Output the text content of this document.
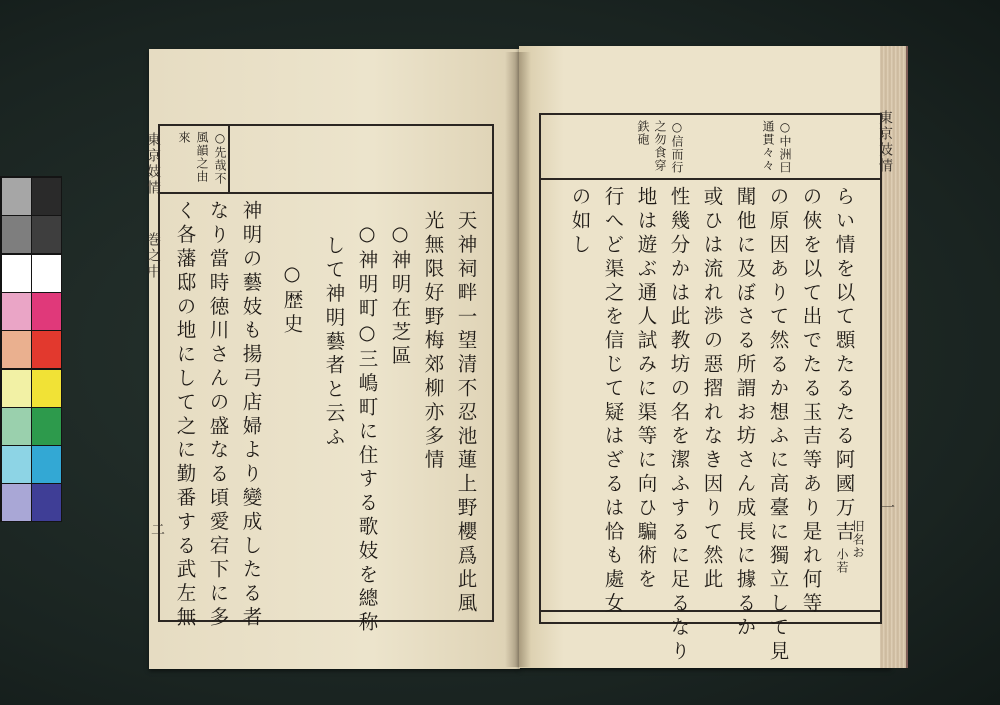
東京妓情
巻之中
二
○先哉不
風韻之由
來
天神祠畔一望清不忍池蓮上野櫻爲此風
光無限好野梅郊柳亦多情
○神明在芝區
○神明町○三嶋町に住する歌妓を總称
して神明藝者と云ふ
○歴史
神明の藝妓も揚弓店婦より變成したる者
なり當時徳川さんの盛なる頃愛宕下に多
く各藩邸の地にして之に勤番する武左無
東京妓情
一
○中洲曰
通貫々々
○信而行
之勿食穿
鉄砲
らい情を以て顋たるたる阿國万吉
の俠を以て出でたる玉吉等あり是れ何等
の原因ありて然るか想ふに高臺に獨立して見
聞他に及ぼさる所謂お坊さん成長に據るか
或ひは流れ渉の惡摺れなき因りて然此
性幾分かは此教坊の名を潔ふするに足るなり
地は遊ぶ通人試みに渠等に向ひ騙術を
行へど渠之を信じて疑はざるは恰も處女
の如し
旧名お
小若
